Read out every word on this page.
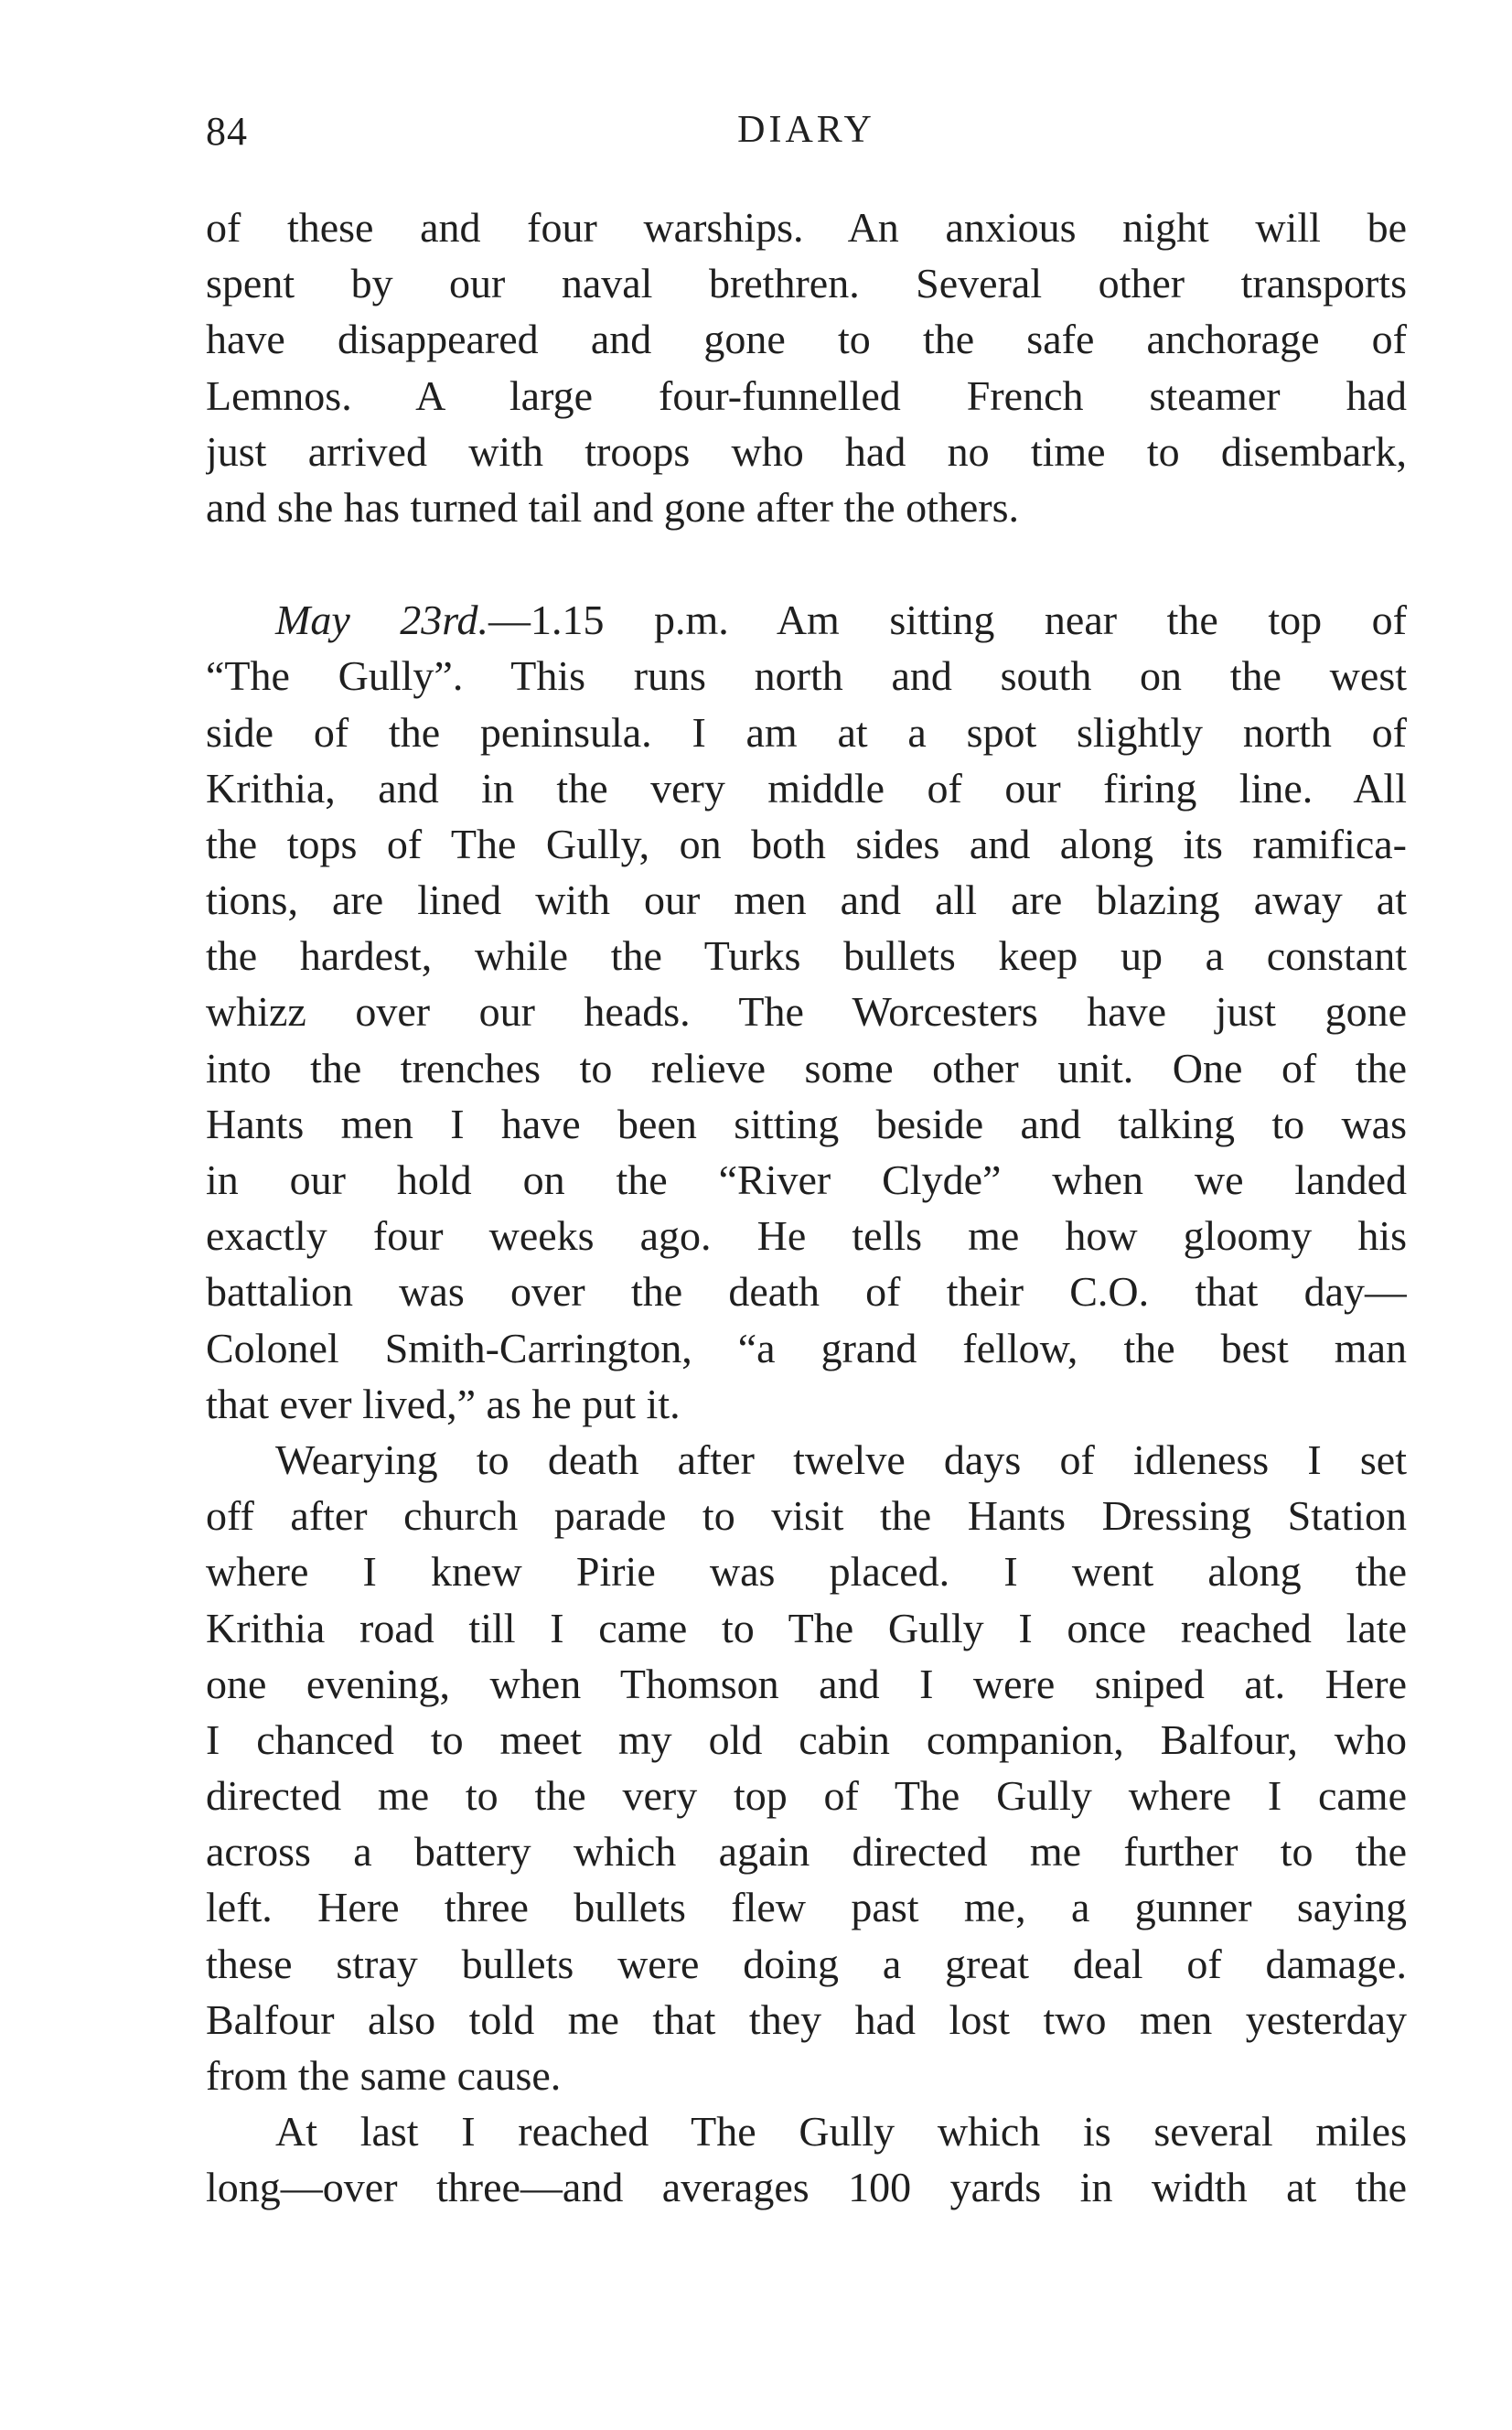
84	DIARY
of these and four warships. An anxious night will be
spent by our naval brethren. Several other transports
have disappeared and gone to the safe anchorage of
Lemnos. A large four-funnelled French steamer had
just arrived with troops who had no time to disembark,
and she has turned tail and gone after the others.
May 23rd.—1.15 p.m. Am sitting near the top of
“The Gully”. This runs north and south on the west
side of the peninsula. I am at a spot slightly north of
Krithia, and in the very middle of our firing line. All
the tops of The Gully, on both sides and along its ramifica-
tions, are lined with our men and all are blazing away at
the hardest, while the Turks bullets keep up a constant
whizz over our heads. The Worcesters have just gone
into the trenches to relieve some other unit. One of the
Hants men I have been sitting beside and talking to was
in our hold on the “River Clyde” when we landed
exactly four weeks ago. He tells me how gloomy his
battalion was over the death of their C.O. that day—
Colonel Smith-Carrington, “a grand fellow, the best man
that ever lived,” as he put it.
Wearying to death after twelve days of idleness I set
off after church parade to visit the Hants Dressing Station
where I knew Pirie was placed. I went along the
Krithia road till I came to The Gully I once reached late
one evening, when Thomson and I were sniped at. Here
I chanced to meet my old cabin companion, Balfour, who
directed me to the very top of The Gully where I came
across a battery which again directed me further to the
left. Here three bullets flew past me, a gunner saying
these stray bullets were doing a great deal of damage.
Balfour also told me that they had lost two men yesterday
from the same cause.
At last I reached The Gully which is several miles
long—over three—and averages 100 yards in width at the
